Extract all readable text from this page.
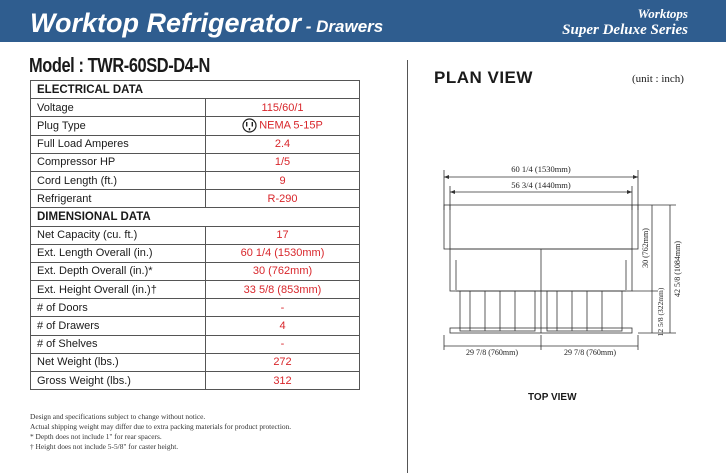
Worktop Refrigerator - Drawers
Worktops
Super Deluxe Series
Model : TWR-60SD-D4-N
ELECTRICAL DATA	
Voltage	115/60/1
Plug Type	NEMA 5-15P
Full Load Amperes	2.4
Compressor HP	1/5
Cord Length (ft.)	9
Refrigerant	R-290
DIMENSIONAL DATA	
Net Capacity (cu. ft.)	17
Ext. Length Overall (in.)	60 1/4 (1530mm)
Ext. Depth Overall (in.)*	30 (762mm)
Ext. Height Overall (in.)†	33 5/8 (853mm)
# of Doors	-
# of Drawers	4
# of Shelves	-
Net Weight (lbs.)	272
Gross Weight (lbs.)	312
Design and specifications subject to change without notice.
Actual shipping weight may differ due to extra packing materials for product protection.
* Depth does not include 1" for rear spacers.
† Height does not include 5-5/8" for caster height.
PLAN VIEW	(unit : inch)
60 1/4 (1530mm)
56 3/4 (1440mm)
29 7/8 (760mm)	29 7/8 (760mm)
30 (762mm)	42 5/8 (1084mm)
12 5/8 (322mm)
TOP VIEW
